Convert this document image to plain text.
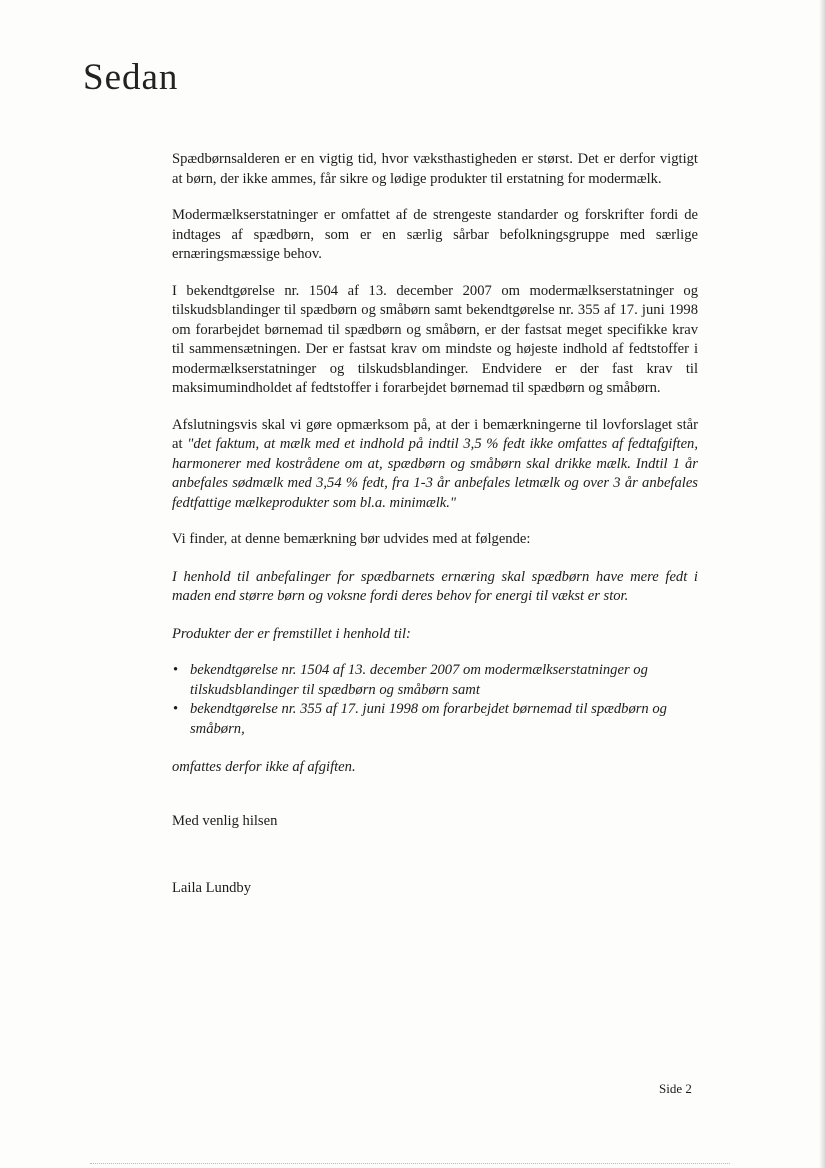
Sedan

Spædbørnsalderen er en vigtig tid, hvor væksthastigheden er størst. Det er derfor vigtigt at børn, der ikke ammes, får sikre og lødige produkter til erstatning for modermælk.

Modermælkserstatninger er omfattet af de strengeste standarder og forskrifter fordi de indtages af spædbørn, som er en særlig sårbar befolkningsgruppe med særlige ernæringsmæssige behov.

I bekendtgørelse nr. 1504 af 13. december 2007 om modermælkserstatninger og tilskudsblandinger til spædbørn og småbørn samt bekendtgørelse nr. 355 af 17. juni 1998 om forarbejdet børnemad til spædbørn og småbørn, er der fastsat meget specifikke krav til sammensætningen. Der er fastsat krav om mindste og højeste indhold af fedtstoffer i modermælkserstatninger og tilskudsblandinger. Endvidere er der fast krav til maksimumindholdet af fedtstoffer i forarbejdet børnemad til spædbørn og småbørn.

Afslutningsvis skal vi gøre opmærksom på, at der i bemærkningerne til lovforslaget står at "det faktum, at mælk med et indhold på indtil 3,5 % fedt ikke omfattes af fedtafgiften, harmonerer med kostrådene om at, spædbørn og småbørn skal drikke mælk. Indtil 1 år anbefales sødmælk med 3,54 % fedt, fra 1-3 år anbefales letmælk og over 3 år anbefales fedtfattige mælkeprodukter som bl.a. minimælk."

Vi finder, at denne bemærkning bør udvides med at følgende:

I henhold til anbefalinger for spædbarnets ernæring skal spædbørn have mere fedt i maden end større børn og voksne fordi deres behov for energi til vækst er stor.

Produkter der er fremstillet i henhold til:

• bekendtgørelse nr. 1504 af 13. december 2007 om modermælkserstatninger og tilskudsblandinger til spædbørn og småbørn samt
• bekendtgørelse nr. 355 af 17. juni 1998 om forarbejdet børnemad til spædbørn og småbørn,

omfattes derfor ikke af afgiften.

Med venlig hilsen

Laila Lundby

Side 2
